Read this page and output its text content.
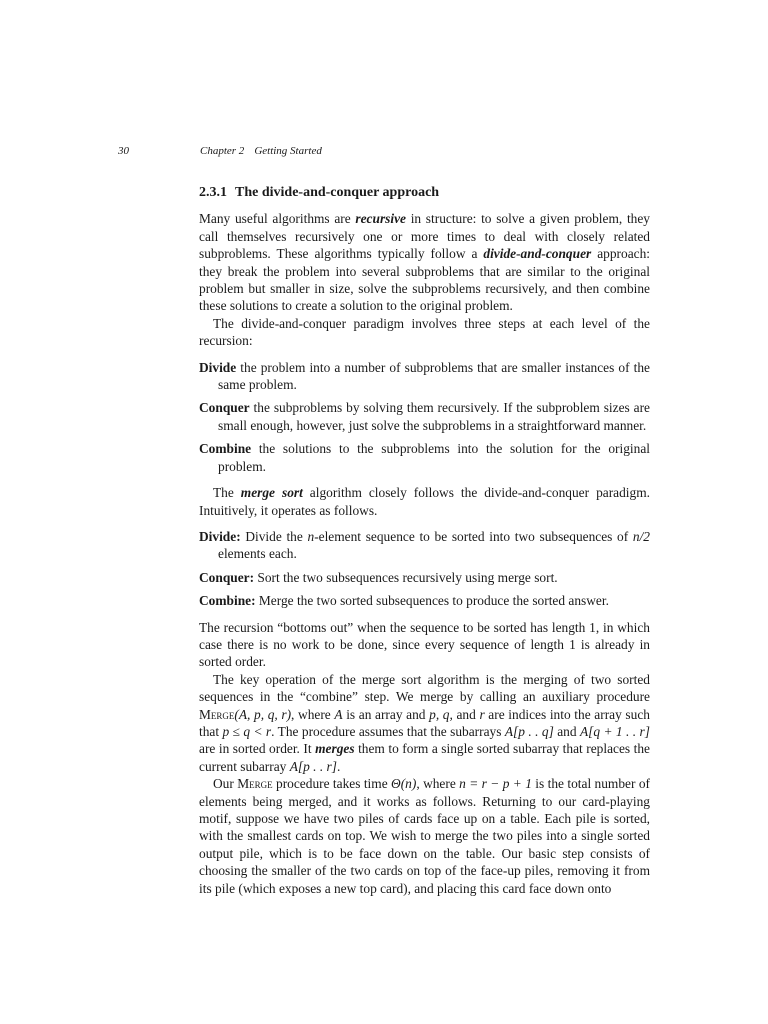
30	Chapter 2 Getting Started
2.3.1 The divide-and-conquer approach

Many useful algorithms are recursive in structure: to solve a given problem, they call themselves recursively one or more times to deal with closely related subproblems. These algorithms typically follow a divide-and-conquer approach: they break the problem into several subproblems that are similar to the original problem but smaller in size, solve the subproblems recursively, and then combine these solutions to create a solution to the original problem.

The divide-and-conquer paradigm involves three steps at each level of the recursion:

Divide the problem into a number of subproblems that are smaller instances of the same problem.

Conquer the subproblems by solving them recursively. If the subproblem sizes are small enough, however, just solve the subproblems in a straightforward manner.

Combine the solutions to the subproblems into the solution for the original problem.

The merge sort algorithm closely follows the divide-and-conquer paradigm. Intuitively, it operates as follows.

Divide: Divide the n-element sequence to be sorted into two subsequences of n/2 elements each.

Conquer: Sort the two subsequences recursively using merge sort.

Combine: Merge the two sorted subsequences to produce the sorted answer.

The recursion “bottoms out” when the sequence to be sorted has length 1, in which case there is no work to be done, since every sequence of length 1 is already in sorted order.

The key operation of the merge sort algorithm is the merging of two sorted sequences in the “combine” step. We merge by calling an auxiliary procedure Merge(A, p, q, r), where A is an array and p, q, and r are indices into the array such that p ≤ q < r. The procedure assumes that the subarrays A[p . . q] and A[q + 1 . . r] are in sorted order. It merges them to form a single sorted subarray that replaces the current subarray A[p . . r].

Our Merge procedure takes time Θ(n), where n = r − p + 1 is the total number of elements being merged, and it works as follows. Returning to our card-playing motif, suppose we have two piles of cards face up on a table. Each pile is sorted, with the smallest cards on top. We wish to merge the two piles into a single sorted output pile, which is to be face down on the table. Our basic step consists of choosing the smaller of the two cards on top of the face-up piles, removing it from its pile (which exposes a new top card), and placing this card face down onto
